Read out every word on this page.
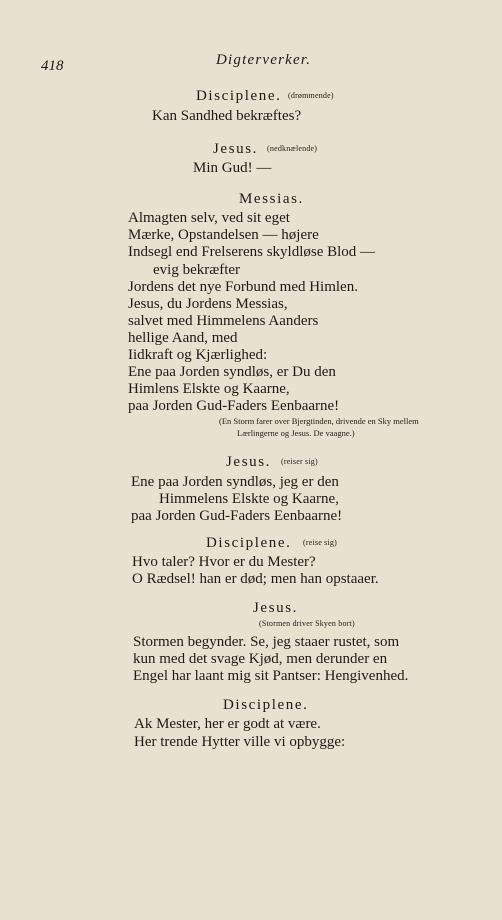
418	Digterverker.
Disciplene. (drømmende)
Kan Sandhed bekræftes?
Jesus. (nedknælende)
Min Gud! —
Messias.
Almagten selv, ved sit eget
Mærke, Opstandelsen — højere
Indsegl end Frelserens skyldløse Blod —
evig bekræfter
Jordens det nye Forbund med Himlen.
Jesus, du Jordens Messias,
salvet med Himmelens Aanders
hellige Aand, med
Iidkraft og Kjærlighed:
Ene paa Jorden syndløs, er Du den
Himlens Elskte og Kaarne,
paa Jorden Gud-Faders Eenbaarne!
(En Storm farer over Bjergtinden, drivende en Sky mellem
Lærlingerne og Jesus. De vaagne.)
Jesus. (reiser sig)
Ene paa Jorden syndløs, jeg er den
Himmelens Elskte og Kaarne,
paa Jorden Gud-Faders Eenbaarne!
Disciplene. (reise sig)
Hvo taler? Hvor er du Mester?
O Rædsel! han er død; men han opstaaer.
Jesus.
(Stormen driver Skyen bort)
Stormen begynder. Se, jeg staaer rustet, som
kun med det svage Kjød, men derunder en
Engel har laant mig sit Pantser: Hengivenhed.
Disciplene.
Ak Mester, her er godt at være.
Her trende Hytter ville vi opbygge:
